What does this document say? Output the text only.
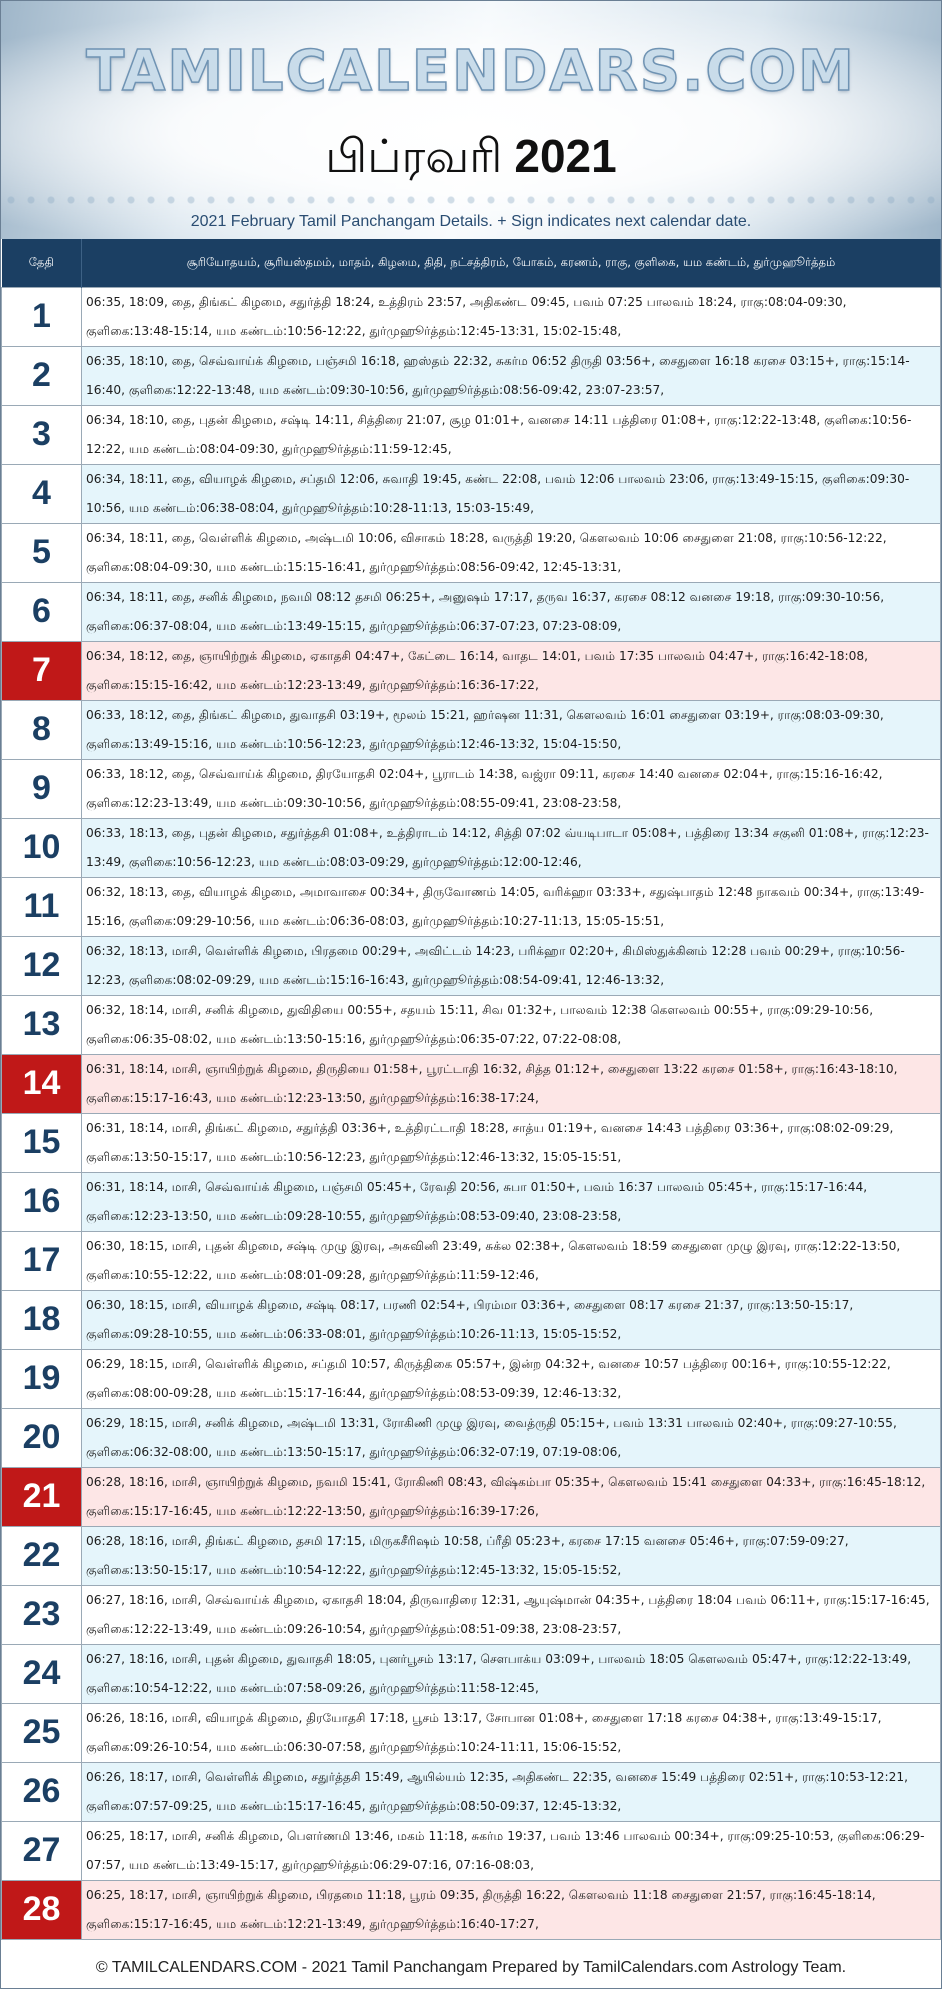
TAMILCALENDARS.COM
பிப்ரவரி 2021
2021 February Tamil Panchangam Details. + Sign indicates next calendar date.
தேதி	சூரியோதயம், சூரியஸ்தமம், மாதம், கிழமை, திதி, நட்சத்திரம், யோகம், கரணம், ராகு, குளிகை, யம கண்டம், துர்முஹூர்த்தம்
1	06:35, 18:09, தை, திங்கட் கிழமை, சதுர்த்தி 18:24, உத்திரம் 23:57, அதிகண்ட 09:45, பவம் 07:25 பாலவம் 18:24, ராகு:08:04-09:30, குளிகை:13:48-15:14, யம கண்டம்:10:56-12:22, துர்முஹூர்த்தம்:12:45-13:31, 15:02-15:48,

2	06:35, 18:10, தை, செவ்வாய்க் கிழமை, பஞ்சமி 16:18, ஹஸ்தம் 22:32, சுகர்ம 06:52 திருதி 03:56+, சைதுளை 16:18 கரசை 03:15+, ராகு:15:14-16:40, குளிகை:12:22-13:48, யம கண்டம்:09:30-10:56, துர்முஹூர்த்தம்:08:56-09:42, 23:07-23:57,

3	06:34, 18:10, தை, புதன் கிழமை, சஷ்டி 14:11, சித்திரை 21:07, சூழ 01:01+, வனசை 14:11 பத்திரை 01:08+, ராகு:12:22-13:48, குளிகை:10:56-12:22, யம கண்டம்:08:04-09:30, துர்முஹூர்த்தம்:11:59-12:45,

4	06:34, 18:11, தை, வியாழக் கிழமை, சப்தமி 12:06, சுவாதி 19:45, கண்ட 22:08, பவம் 12:06 பாலவம் 23:06, ராகு:13:49-15:15, குளிகை:09:30-10:56, யம கண்டம்:06:38-08:04, துர்முஹூர்த்தம்:10:28-11:13, 15:03-15:49,

5	06:34, 18:11, தை, வெள்ளிக் கிழமை, அஷ்டமி 10:06, விசாகம் 18:28, வருத்தி 19:20, கௌலவம் 10:06 சைதுளை 21:08, ராகு:10:56-12:22, குளிகை:08:04-09:30, யம கண்டம்:15:15-16:41, துர்முஹூர்த்தம்:08:56-09:42, 12:45-13:31,

6	06:34, 18:11, தை, சனிக் கிழமை, நவமி 08:12 தசமி 06:25+, அனுஷம் 17:17, தருவ 16:37, கரசை 08:12 வனசை 19:18, ராகு:09:30-10:56, குளிகை:06:37-08:04, யம கண்டம்:13:49-15:15, துர்முஹூர்த்தம்:06:37-07:23, 07:23-08:09,

7	06:34, 18:12, தை, ஞாயிற்றுக் கிழமை, ஏகாதசி 04:47+, கேட்டை 16:14, வாதட 14:01, பவம் 17:35 பாலவம் 04:47+, ராகு:16:42-18:08, குளிகை:15:15-16:42, யம கண்டம்:12:23-13:49, துர்முஹூர்த்தம்:16:36-17:22,

8	06:33, 18:12, தை, திங்கட் கிழமை, துவாதசி 03:19+, மூலம் 15:21, ஹர்ஷன 11:31, கௌலவம் 16:01 சைதுளை 03:19+, ராகு:08:03-09:30, குளிகை:13:49-15:16, யம கண்டம்:10:56-12:23, துர்முஹூர்த்தம்:12:46-13:32, 15:04-15:50,

9	06:33, 18:12, தை, செவ்வாய்க் கிழமை, திரயோதசி 02:04+, பூராடம் 14:38, வஜ்ரா 09:11, கரசை 14:40 வனசை 02:04+, ராகு:15:16-16:42, குளிகை:12:23-13:49, யம கண்டம்:09:30-10:56, துர்முஹூர்த்தம்:08:55-09:41, 23:08-23:58,

10	06:33, 18:13, தை, புதன் கிழமை, சதுர்த்தசி 01:08+, உத்திராடம் 14:12, சித்தி 07:02 வ்யடிபாடா 05:08+, பத்திரை 13:34 சகுனி 01:08+, ராகு:12:23-13:49, குளிகை:10:56-12:23, யம கண்டம்:08:03-09:29, துர்முஹூர்த்தம்:12:00-12:46,

11	06:32, 18:13, தை, வியாழக் கிழமை, அமாவாசை 00:34+, திருவோணம் 14:05, வரிக்ஹா 03:33+, சதுஷ்பாதம் 12:48 நாகவம் 00:34+, ராகு:13:49-15:16, குளிகை:09:29-10:56, யம கண்டம்:06:36-08:03, துர்முஹூர்த்தம்:10:27-11:13, 15:05-15:51,

12	06:32, 18:13, மாசி, வெள்ளிக் கிழமை, பிரதமை 00:29+, அவிட்டம் 14:23, பரிக்ஹா 02:20+, கிமிஸ்துக்கினம் 12:28 பவம் 00:29+, ராகு:10:56-12:23, குளிகை:08:02-09:29, யம கண்டம்:15:16-16:43, துர்முஹூர்த்தம்:08:54-09:41, 12:46-13:32,

13	06:32, 18:14, மாசி, சனிக் கிழமை, துவிதியை 00:55+, சதயம் 15:11, சிவ 01:32+, பாலவம் 12:38 கௌலவம் 00:55+, ராகு:09:29-10:56, குளிகை:06:35-08:02, யம கண்டம்:13:50-15:16, துர்முஹூர்த்தம்:06:35-07:22, 07:22-08:08,

14	06:31, 18:14, மாசி, ஞாயிற்றுக் கிழமை, திருதியை 01:58+, பூரட்டாதி 16:32, சித்த 01:12+, சைதுளை 13:22 கரசை 01:58+, ராகு:16:43-18:10, குளிகை:15:17-16:43, யம கண்டம்:12:23-13:50, துர்முஹூர்த்தம்:16:38-17:24,

15	06:31, 18:14, மாசி, திங்கட் கிழமை, சதுர்த்தி 03:36+, உத்திரட்டாதி 18:28, சாத்ய 01:19+, வனசை 14:43 பத்திரை 03:36+, ராகு:08:02-09:29, குளிகை:13:50-15:17, யம கண்டம்:10:56-12:23, துர்முஹூர்த்தம்:12:46-13:32, 15:05-15:51,

16	06:31, 18:14, மாசி, செவ்வாய்க் கிழமை, பஞ்சமி 05:45+, ரேவதி 20:56, சுபா 01:50+, பவம் 16:37 பாலவம் 05:45+, ராகு:15:17-16:44, குளிகை:12:23-13:50, யம கண்டம்:09:28-10:55, துர்முஹூர்த்தம்:08:53-09:40, 23:08-23:58,

17	06:30, 18:15, மாசி, புதன் கிழமை, சஷ்டி முழு இரவு, அசுவினி 23:49, சுக்ல 02:38+, கௌலவம் 18:59 சைதுளை முழு இரவு, ராகு:12:22-13:50, குளிகை:10:55-12:22, யம கண்டம்:08:01-09:28, துர்முஹூர்த்தம்:11:59-12:46,

18	06:30, 18:15, மாசி, வியாழக் கிழமை, சஷ்டி 08:17, பரணி 02:54+, பிரம்மா 03:36+, சைதுளை 08:17 கரசை 21:37, ராகு:13:50-15:17, குளிகை:09:28-10:55, யம கண்டம்:06:33-08:01, துர்முஹூர்த்தம்:10:26-11:13, 15:05-15:52,

19	06:29, 18:15, மாசி, வெள்ளிக் கிழமை, சப்தமி 10:57, கிருத்திகை 05:57+, இன்ற 04:32+, வனசை 10:57 பத்திரை 00:16+, ராகு:10:55-12:22, குளிகை:08:00-09:28, யம கண்டம்:15:17-16:44, துர்முஹூர்த்தம்:08:53-09:39, 12:46-13:32,

20	06:29, 18:15, மாசி, சனிக் கிழமை, அஷ்டமி 13:31, ரோகிணி முழு இரவு, வைத்ருதி 05:15+, பவம் 13:31 பாலவம் 02:40+, ராகு:09:27-10:55, குளிகை:06:32-08:00, யம கண்டம்:13:50-15:17, துர்முஹூர்த்தம்:06:32-07:19, 07:19-08:06,

21	06:28, 18:16, மாசி, ஞாயிற்றுக் கிழமை, நவமி 15:41, ரோகிணி 08:43, விஷ்கம்பா 05:35+, கௌலவம் 15:41 சைதுளை 04:33+, ராகு:16:45-18:12, குளிகை:15:17-16:45, யம கண்டம்:12:22-13:50, துர்முஹூர்த்தம்:16:39-17:26,

22	06:28, 18:16, மாசி, திங்கட் கிழமை, தசமி 17:15, மிருகசீரிஷம் 10:58, ப்ரீதி 05:23+, கரசை 17:15 வனசை 05:46+, ராகு:07:59-09:27, குளிகை:13:50-15:17, யம கண்டம்:10:54-12:22, துர்முஹூர்த்தம்:12:45-13:32, 15:05-15:52,

23	06:27, 18:16, மாசி, செவ்வாய்க் கிழமை, ஏகாதசி 18:04, திருவாதிரை 12:31, ஆயுஷ்மான் 04:35+, பத்திரை 18:04 பவம் 06:11+, ராகு:15:17-16:45, குளிகை:12:22-13:49, யம கண்டம்:09:26-10:54, துர்முஹூர்த்தம்:08:51-09:38, 23:08-23:57,

24	06:27, 18:16, மாசி, புதன் கிழமை, துவாதசி 18:05, புனர்பூசம் 13:17, சௌபாக்ய 03:09+, பாலவம் 18:05 கௌலவம் 05:47+, ராகு:12:22-13:49, குளிகை:10:54-12:22, யம கண்டம்:07:58-09:26, துர்முஹூர்த்தம்:11:58-12:45,

25	06:26, 18:16, மாசி, வியாழக் கிழமை, திரயோதசி 17:18, பூசம் 13:17, சோபான 01:08+, சைதுளை 17:18 கரசை 04:38+, ராகு:13:49-15:17, குளிகை:09:26-10:54, யம கண்டம்:06:30-07:58, துர்முஹூர்த்தம்:10:24-11:11, 15:06-15:52,

26	06:26, 18:17, மாசி, வெள்ளிக் கிழமை, சதுர்த்தசி 15:49, ஆயில்யம் 12:35, அதிகண்ட 22:35, வனசை 15:49 பத்திரை 02:51+, ராகு:10:53-12:21, குளிகை:07:57-09:25, யம கண்டம்:15:17-16:45, துர்முஹூர்த்தம்:08:50-09:37, 12:45-13:32,

27	06:25, 18:17, மாசி, சனிக் கிழமை, பௌர்ணமி 13:46, மகம் 11:18, சுகர்ம 19:37, பவம் 13:46 பாலவம் 00:34+, ராகு:09:25-10:53, குளிகை:06:29-07:57, யம கண்டம்:13:49-15:17, துர்முஹூர்த்தம்:06:29-07:16, 07:16-08:03,

28	06:25, 18:17, மாசி, ஞாயிற்றுக் கிழமை, பிரதமை 11:18, பூரம் 09:35, திருத்தி 16:22, கௌலவம் 11:18 சைதுளை 21:57, ராகு:16:45-18:14, குளிகை:15:17-16:45, யம கண்டம்:12:21-13:49, துர்முஹூர்த்தம்:16:40-17:27,
© TAMILCALENDARS.COM - 2021 Tamil Panchangam Prepared by TamilCalendars.com Astrology Team.
